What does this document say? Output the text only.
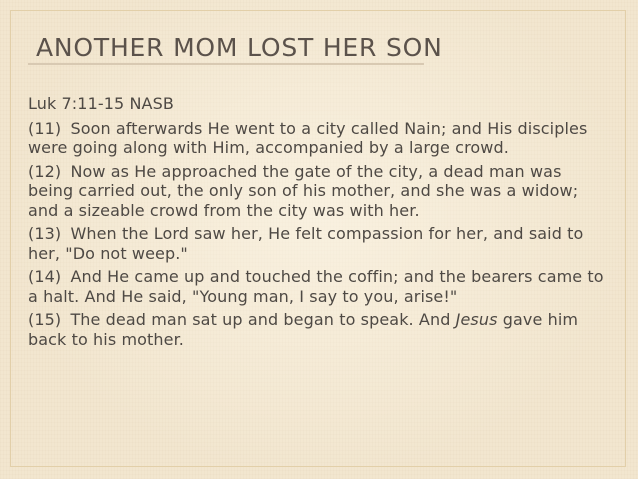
ANOTHER MOM LOST HER SON
Luk 7:11-15 NASB
(11) Soon afterwards He went to a city called Nain; and His disciples were going along with Him, accompanied by a large crowd.
(12) Now as He approached the gate of the city, a dead man was being carried out, the only son of his mother, and she was a widow; and a sizeable crowd from the city was with her.
(13) When the Lord saw her, He felt compassion for her, and said to her, "Do not weep."
(14) And He came up and touched the coffin; and the bearers came to a halt. And He said, "Young man, I say to you, arise!"
(15) The dead man sat up and began to speak. And Jesus gave him back to his mother.
